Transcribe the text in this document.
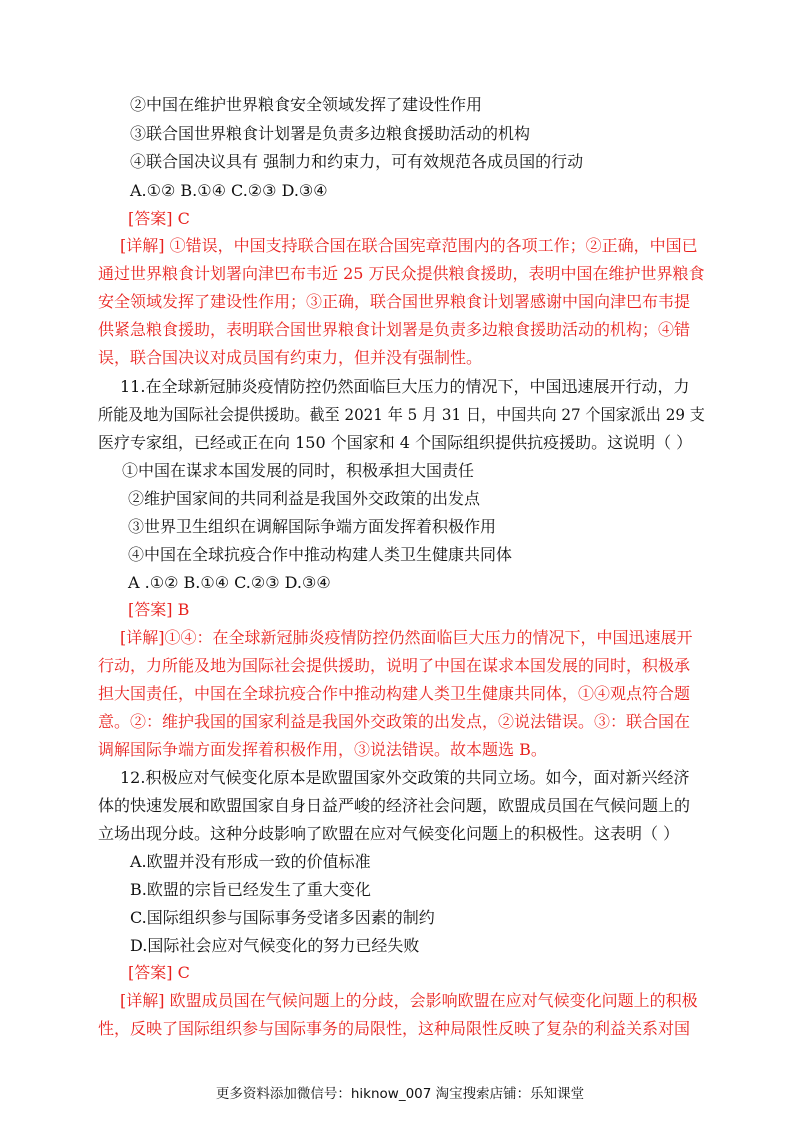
②中国在维护世界粮食安全领域发挥了建设性作用
③联合国世界粮食计划署是负责多边粮食援助活动的机构
④联合国决议具有 强制力和约束力，可有效规范各成员国的行动
A.①② B.①④ C.②③ D.③④
[答案] C
[详解] ①错误，中国支持联合国在联合国宪章范围内的各项工作；②正确，中国已
通过世界粮食计划署向津巴布韦近 25 万民众提供粮食援助，表明中国在维护世界粮食
安全领域发挥了建设性作用；③正确，联合国世界粮食计划署感谢中国向津巴布韦提
供紧急粮食援助，表明联合国世界粮食计划署是负责多边粮食援助活动的机构；④错
误，联合国决议对成员国有约束力，但并没有强制性。
11.在全球新冠肺炎疫情防控仍然面临巨大压力的情况下，中国迅速展开行动，力
所能及地为国际社会提供援助。截至 2021 年 5 月 31 日，中国共向 27 个国家派出 29 支
医疗专家组，已经或正在向 150 个国家和 4 个国际组织提供抗疫援助。这说明（ ）
①中国在谋求本国发展的同时，积极承担大国责任
②维护国家间的共同利益是我国外交政策的出发点
③世界卫生组织在调解国际争端方面发挥着积极作用
④中国在全球抗疫合作中推动构建人类卫生健康共同体
A .①② B.①④ C.②③ D.③④
[答案] B
[详解]①④：在全球新冠肺炎疫情防控仍然面临巨大压力的情况下，中国迅速展开
行动，力所能及地为国际社会提供援助，说明了中国在谋求本国发展的同时，积极承
担大国责任，中国在全球抗疫合作中推动构建人类卫生健康共同体，①④观点符合题
意。②：维护我国的国家利益是我国外交政策的出发点，②说法错误。③：联合国在
调解国际争端方面发挥着积极作用，③说法错误。故本题选 B。
12.积极应对气候变化原本是欧盟国家外交政策的共同立场。如今，面对新兴经济
体的快速发展和欧盟国家自身日益严峻的经济社会问题，欧盟成员国在气候问题上的
立场出现分歧。这种分歧影响了欧盟在应对气候变化问题上的积极性。这表明（ ）
A.欧盟并没有形成一致的价值标准
B.欧盟的宗旨已经发生了重大变化
C.国际组织参与国际事务受诸多因素的制约
D.国际社会应对气候变化的努力已经失败
[答案] C
[详解] 欧盟成员国在气候问题上的分歧，会影响欧盟在应对气候变化问题上的积极
性，反映了国际组织参与国际事务的局限性，这种局限性反映了复杂的利益关系对国
更多资料添加微信号：hiknow_007 淘宝搜索店铺：乐知课堂
